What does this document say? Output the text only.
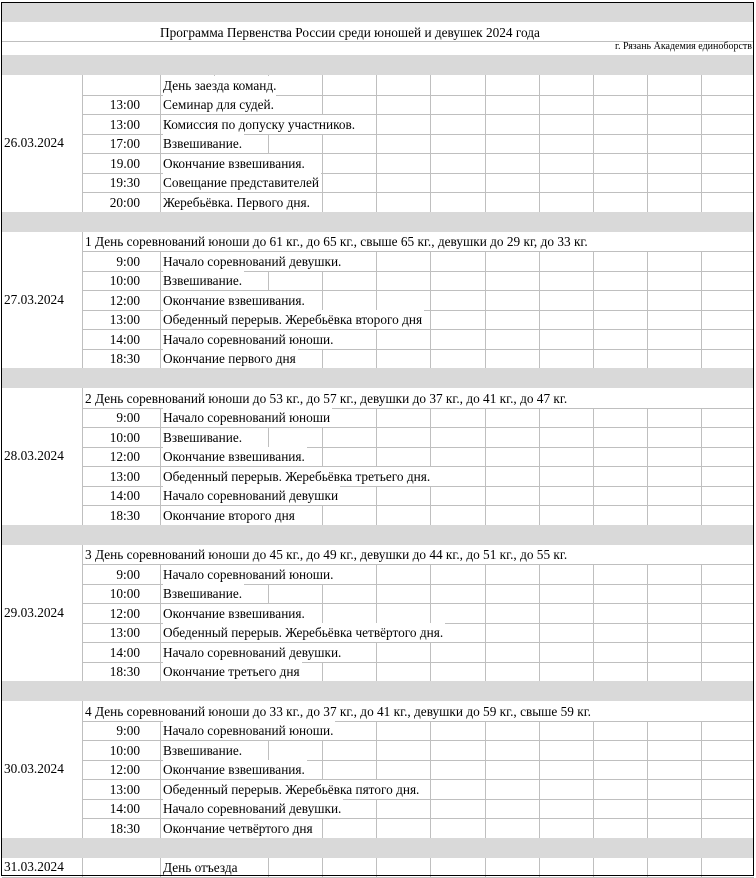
Программа Первенства России среди юношей и девушек 2024 года
г. Рязань Академия единоборств
День заезда команд.
13:00 Семинар для судей.
13:00 Комиссия по допуску участников.
17:00 Взвешивание.
19.00 Окончание взвешивания.
19:30 Совещание представителей
20:00 Жеребьёвка. Первого дня.
26.03.2024
1 День соревнований юноши до 61 кг., до 65 кг., свыше 65 кг., девушки до 29 кг, до 33 кг.
9:00 Начало соревнований девушки.
10:00 Взвешивание.
12:00 Окончание взвешивания.
13:00 Обеденный перерыв. Жеребьёвка второго дня
14:00 Начало соревнований юноши.
18:30 Окончание первого дня
27.03.2024
2 День соревнований юноши до 53 кг., до 57 кг., девушки до 37 кг., до 41 кг., до 47 кг.
9:00 Начало соревнований юноши
10:00 Взвешивание.
12:00 Окончание взвешивания.
13:00 Обеденный перерыв. Жеребьёвка третьего дня.
14:00 Начало соревнований девушки
18:30 Окончание второго дня
28.03.2024
3 День соревнований юноши до 45 кг., до 49 кг., девушки до 44 кг., до 51 кг., до 55 кг.
9:00 Начало соревнований юноши.
10:00 Взвешивание.
12:00 Окончание взвешивания.
13:00 Обеденный перерыв. Жеребьёвка четвёртого дня.
14:00 Начало соревнований девушки.
18:30 Окончание третьего дня
29.03.2024
4 День соревнований юноши до 33 кг., до 37 кг., до 41 кг., девушки до 59 кг., свыше 59 кг.
9:00 Начало соревнований юноши.
10:00 Взвешивание.
12:00 Окончание взвешивания.
13:00 Обеденный перерыв. Жеребьёвка пятого дня.
14:00 Начало соревнований девушки.
18:30 Окончание четвёртого дня
30.03.2024
День отъезда
31.03.2024
